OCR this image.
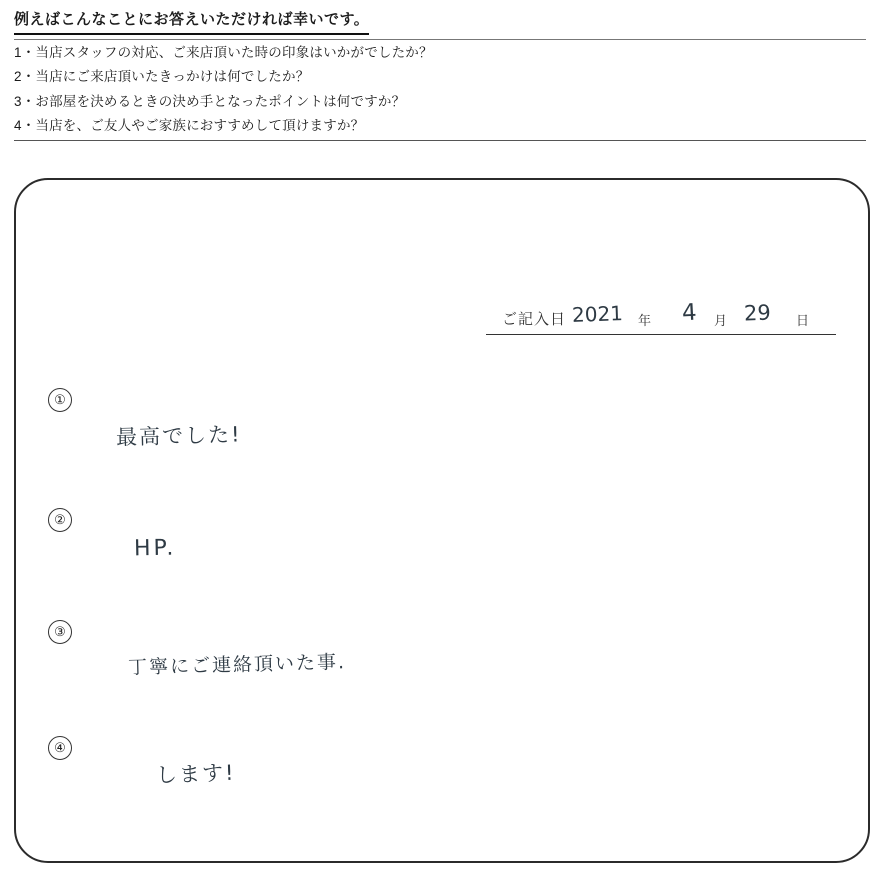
例えばこんなことにお答えいただければ幸いです。
1・当店スタッフの対応、ご来店頂いた時の印象はいかがでしたか？
2・当店にご来店頂いたきっかけは何でしたか？
3・お部屋を決めるときの決め手となったポイントは何ですか？
4・当店を、ご友人やご家族におすすめして頂けますか？
ご記入日 2021 年 4 月 29 日
①
最高でした!
②
HP.
③
丁寧にご連絡頂いた事.
④
します!
